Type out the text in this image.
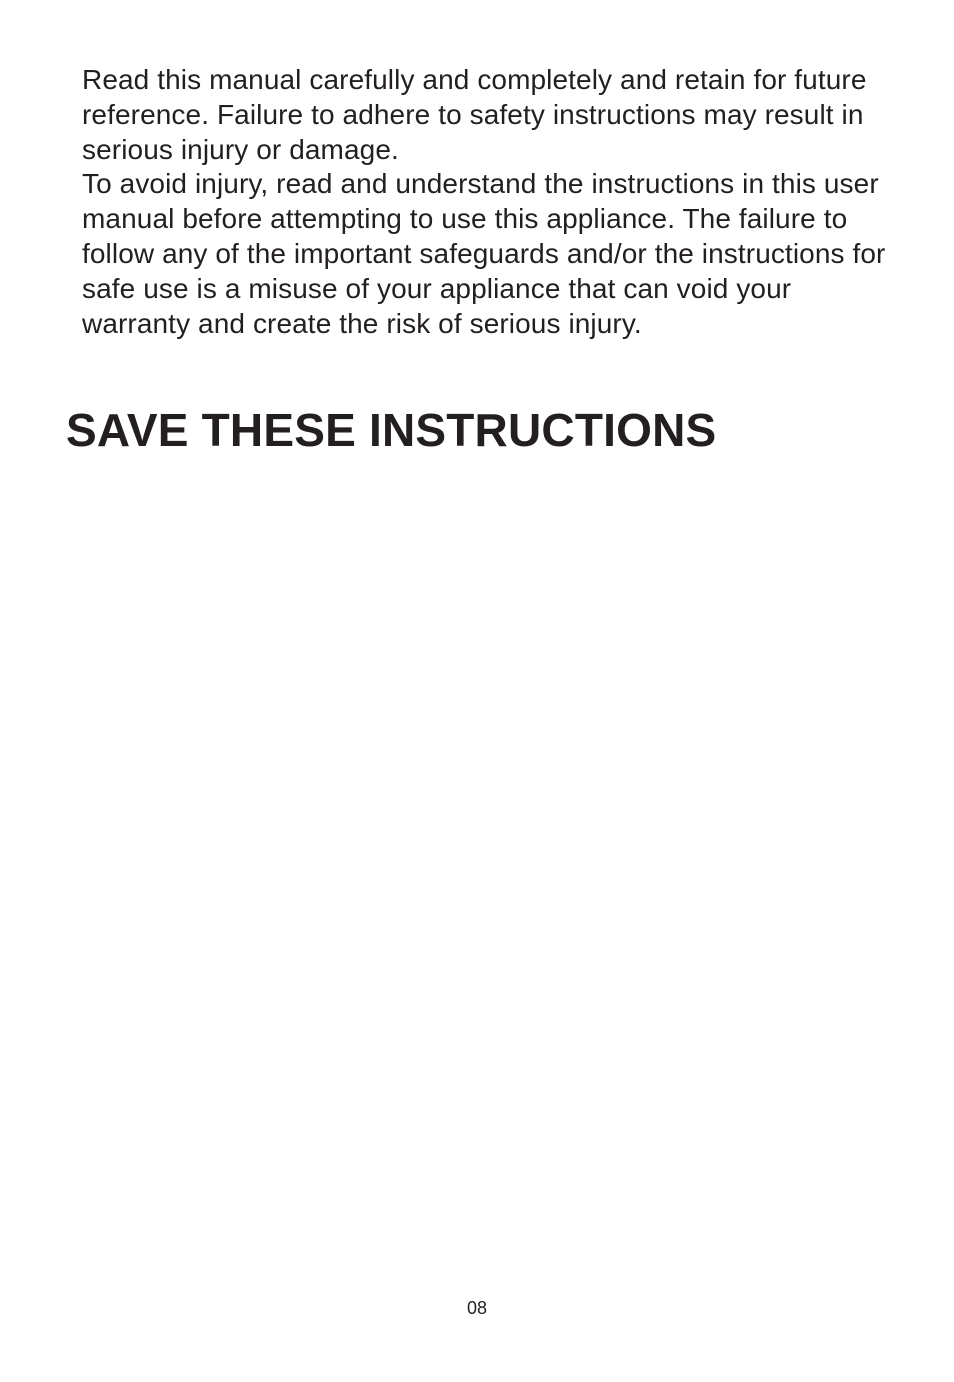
Read this manual carefully and completely and retain for future reference. Failure to adhere to safety instructions may result in serious injury or damage.

To avoid injury, read and understand the instructions in this user manual before attempting to use this appliance. The failure to follow any of the important safeguards and/or the instructions for safe use is a misuse of your appliance that can void your warranty and create the risk of serious injury.

SAVE THESE INSTRUCTIONS
08
